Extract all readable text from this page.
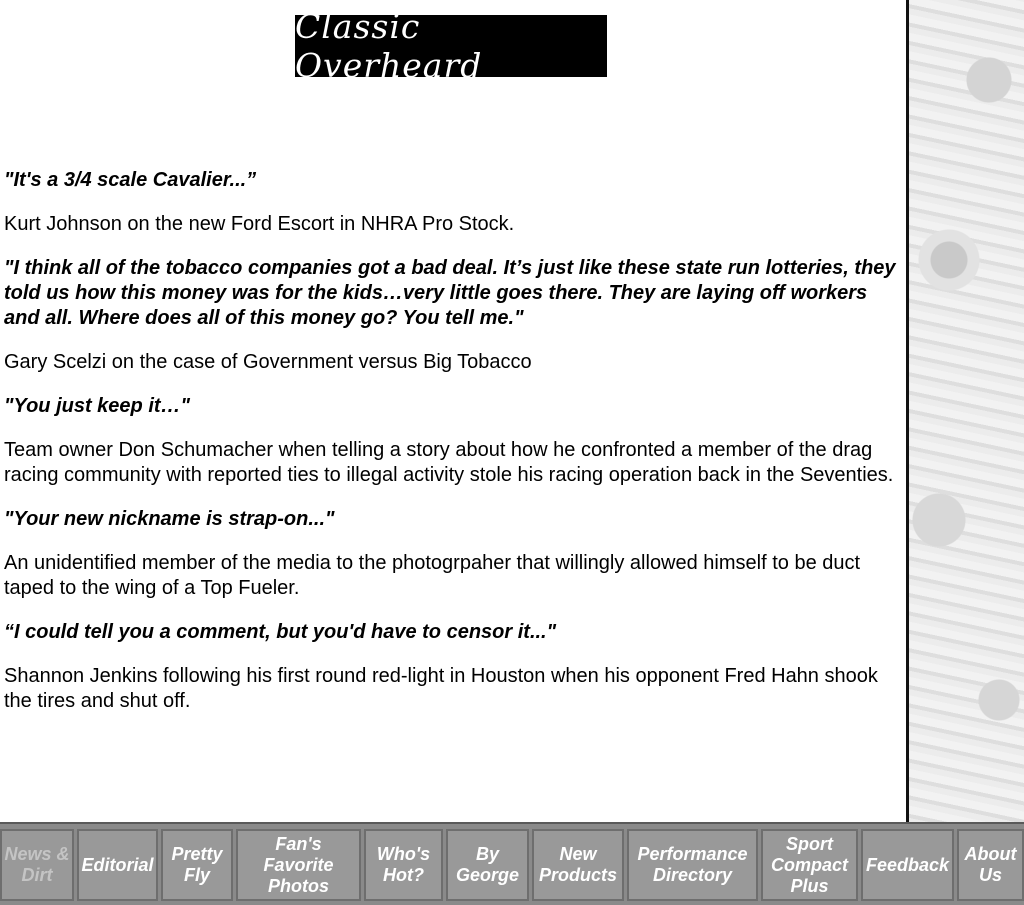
Classic Overheard

"It's a 3/4 scale Cavalier...”

Kurt Johnson on the new Ford Escort in NHRA Pro Stock.

"I think all of the tobacco companies got a bad deal. It’s just like these state run lotteries, they told us how this money was for the kids…very little goes there. They are laying off workers and all. Where does all of this money go? You tell me."

Gary Scelzi on the case of Government versus Big Tobacco

"You just keep it…"

Team owner Don Schumacher when telling a story about how he confronted a member of the drag racing community with reported ties to illegal activity stole his racing operation back in the Seventies.

"Your new nickname is strap-on..."

An unidentified member of the media to the photogrpaher that willingly allowed himself to be duct taped to the wing of a Top Fueler.

“I could tell you a comment, but you'd have to censor it..."

Shannon Jenkins following his first round red-light in Houston when his opponent Fred Hahn shook the tires and shut off.

News &
Dirt
Editorial
Pretty
Fly
Fan's
Favorite
Photos
Who's
Hot?
By
George
New
Products
Performance
Directory
Sport
Compact
Plus
Feedback
About
Us
